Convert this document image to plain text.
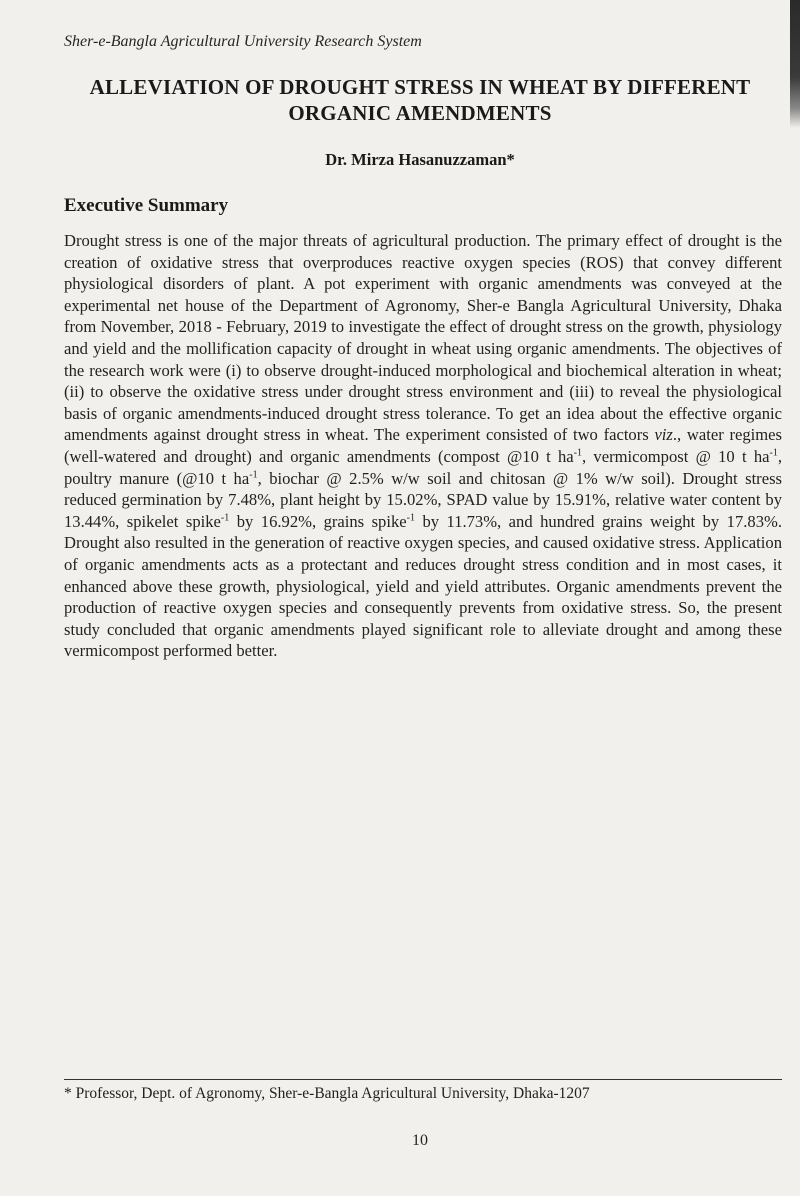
Sher-e-Bangla Agricultural University Research System
ALLEVIATION OF DROUGHT STRESS IN WHEAT BY DIFFERENT ORGANIC AMENDMENTS
Dr. Mirza Hasanuzzaman*
Executive Summary

Drought stress is one of the major threats of agricultural production. The primary effect of drought is the creation of oxidative stress that overproduces reactive oxygen species (ROS) that convey different physiological disorders of plant. A pot experiment with organic amendments was conveyed at the experimental net house of the Department of Agronomy, Sher-e Bangla Agricultural University, Dhaka from November, 2018 - February, 2019 to investigate the effect of drought stress on the growth, physiology and yield and the mollification capacity of drought in wheat using organic amendments. The objectives of the research work were (i) to observe drought-induced morphological and biochemical alteration in wheat; (ii) to observe the oxidative stress under drought stress environment and (iii) to reveal the physiological basis of organic amendments-induced drought stress tolerance. To get an idea about the effective organic amendments against drought stress in wheat. The experiment consisted of two factors viz., water regimes (well-watered and drought) and organic amendments (compost @10 t $ha^{-1}$, vermicompost @ 10 t $ha^{-1}$, poultry manure (@10 t $ha^{-1}$, biochar @ 2.5% w/w soil and chitosan @ 1% w/w soil). Drought stress reduced germination by 7.48%, plant height by 15.02%, SPAD value by 15.91%, relative water content by 13.44%, spikelet spike$^{-1}$ by 16.92%, grains spike$^{-1}$ by 11.73%, and hundred grains weight by 17.83%. Drought also resulted in the generation of reactive oxygen species, and caused oxidative stress. Application of organic amendments acts as a protectant and reduces drought stress condition and in most cases, it enhanced above these growth, physiological, yield and yield attributes. Organic amendments prevent the production of reactive oxygen species and consequently prevents from oxidative stress. So, the present study concluded that organic amendments played significant role to alleviate drought and among these vermicompost performed better.

* Professor, Dept. of Agronomy, Sher-e-Bangla Agricultural University, Dhaka-1207
10
